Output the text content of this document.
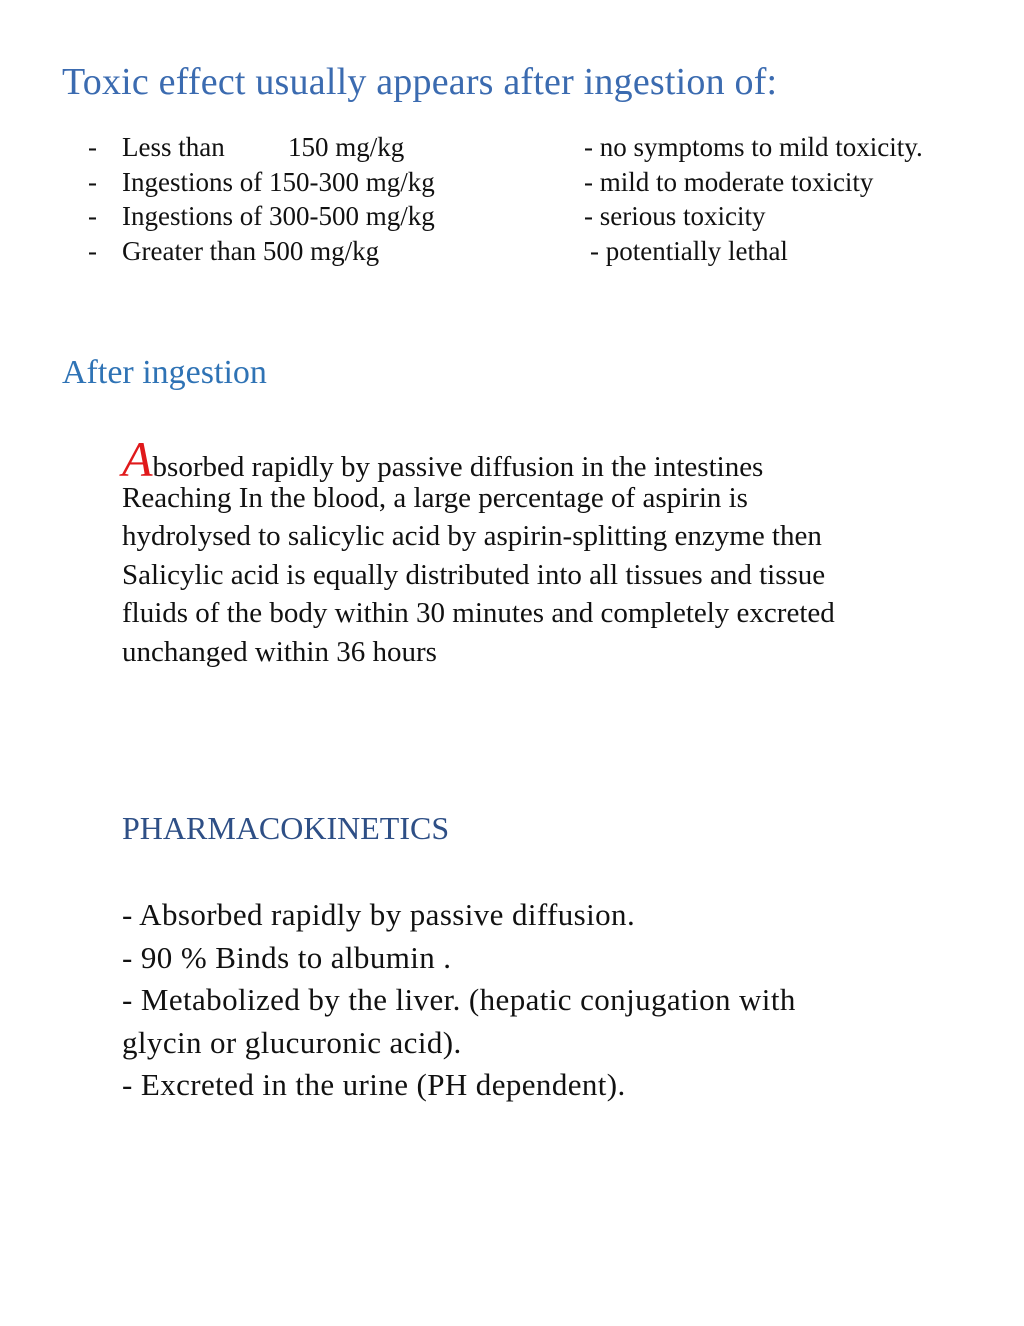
Toxic effect usually appears after ingestion of:
- Less than 150 mg/kg	- no symptoms to mild toxicity.
- Ingestions of 150-300 mg/kg	- mild to moderate toxicity
- Ingestions of 300-500 mg/kg	- serious toxicity
- Greater than 500 mg/kg	- potentially lethal
After ingestion
Absorbed rapidly by passive diffusion in the intestines
Reaching In the blood, a large percentage of aspirin is
hydrolysed to salicylic acid by aspirin-splitting enzyme then
Salicylic acid is equally distributed into all tissues and tissue
fluids of the body within 30 minutes and completely excreted
unchanged within 36 hours
PHARMACOKINETICS
- Absorbed rapidly by passive diffusion.
- 90 % Binds to albumin .
- Metabolized by the liver. (hepatic conjugation with
glycin or glucuronic acid).
- Excreted in the urine (PH dependent).
